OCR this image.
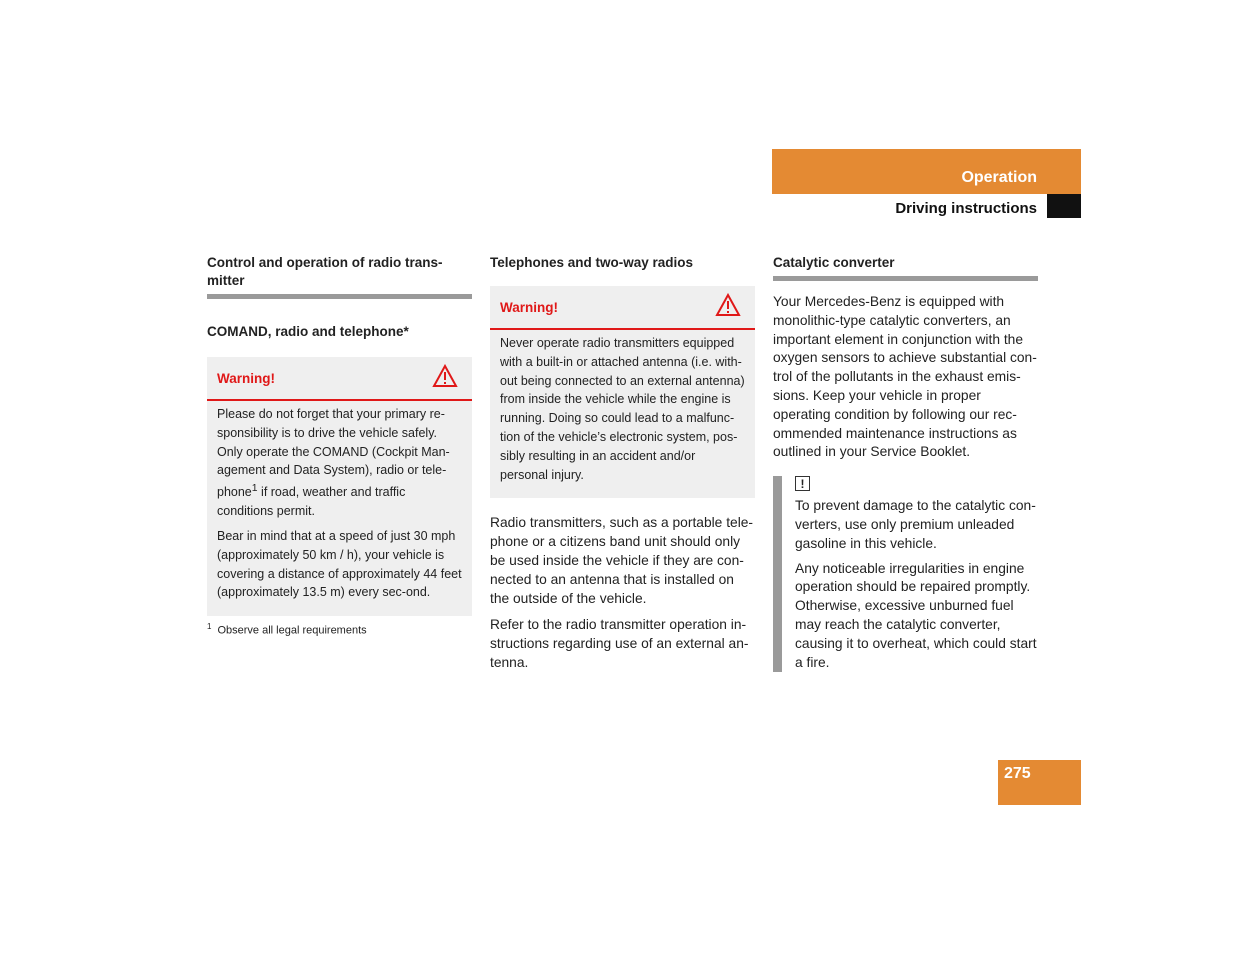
Operation
Driving instructions
Control and operation of radio trans-mitter
COMAND, radio and telephone*
Warning!

Please do not forget that your primary re-sponsibility is to drive the vehicle safely. Only operate the COMAND (Cockpit Man-agement and Data System), radio or tele-phone$^1$ if road, weather and traffic conditions permit.

Bear in mind that at a speed of just 30 mph (approximately 50 km / h), your vehicle is covering a distance of approximately 44 feet (approximately 13.5 m) every sec-ond.

$^1$ Observe all legal requirements
Telephones and two-way radios
Warning!

Never operate radio transmitters equipped with a built-in or attached antenna (i.e. with-out being connected to an external antenna) from inside the vehicle while the engine is running. Doing so could lead to a malfunc-tion of the vehicle’s electronic system, pos-sibly resulting in an accident and/or personal injury.

Radio transmitters, such as a portable tele-phone or a citizens band unit should only be used inside the vehicle if they are con-nected to an antenna that is installed on the outside of the vehicle.

Refer to the radio transmitter operation in-structions regarding use of an external an-tenna.

Catalytic converter

Your Mercedes-Benz is equipped with monolithic-type catalytic converters, an important element in conjunction with the oxygen sensors to achieve substantial con-trol of the pollutants in the exhaust emis-sions. Keep your vehicle in proper operating condition by following our rec-ommended maintenance instructions as outlined in your Service Booklet.

!

To prevent damage to the catalytic con-verters, use only premium unleaded gasoline in this vehicle.

Any noticeable irregularities in engine operation should be repaired promptly. Otherwise, excessive unburned fuel may reach the catalytic converter, causing it to overheat, which could start a fire.

275
